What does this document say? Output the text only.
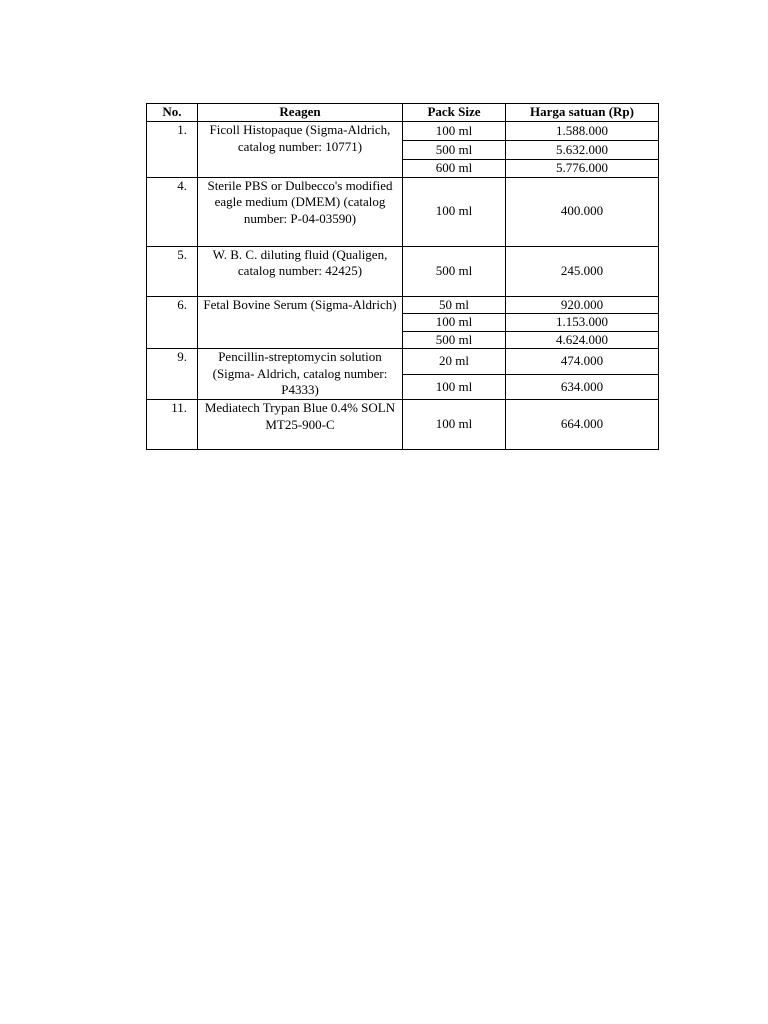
No.	Reagen	Pack Size	Harga satuan (Rp)
1.	Ficoll Histopaque (Sigma-Aldrich, catalog number: 10771)	100 ml	1.588.000
		500 ml	5.632.000
		600 ml	5.776.000
4.	Sterile PBS or Dulbecco's modified eagle medium (DMEM) (catalog number: P-04-03590)	100 ml	400.000
5.	W. B. C. diluting fluid (Qualigen, catalog number: 42425)	500 ml	245.000
6.	Fetal Bovine Serum (Sigma-Aldrich)	50 ml	920.000
		100 ml	1.153.000
		500 ml	4.624.000
9.	Pencillin-streptomycin solution (Sigma- Aldrich, catalog number: P4333)	20 ml	474.000
		100 ml	634.000
11.	Mediatech Trypan Blue 0.4% SOLN MT25-900-C	100 ml	664.000
